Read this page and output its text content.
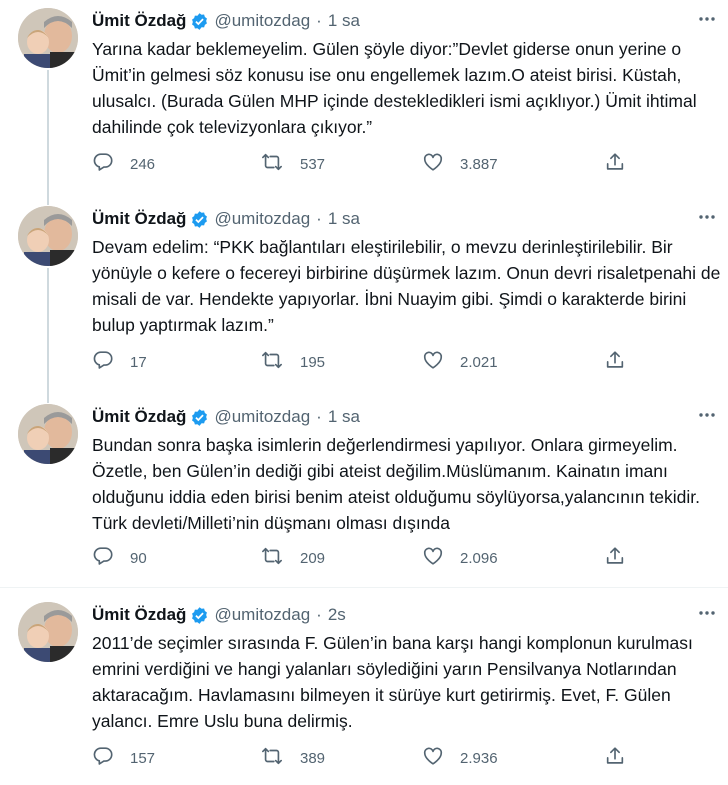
Ümit Özdağ @umitozdag · 1 sa
Yarına kadar beklemeyelim. Gülen şöyle diyor:”Devlet giderse onun yerine o Ümit’in gelmesi söz konusu ise onu engellemek lazım.O ateist birisi. Küstah, ulusalcı. (Burada Gülen MHP içinde destekledikleri ismi açıklıyor.) Ümit ihtimal dahilinde çok televizyonlara çıkıyor.”
246	537	3.887
Ümit Özdağ @umitozdag · 1 sa
Devam edelim: “PKK bağlantıları eleştirilebilir, o mevzu derinleştirilebilir. Bir yönüyle o kefere o fecereyi birbirine düşürmek lazım. Onun devri risaletpenahi de misali de var. Hendekte yapıyorlar. İbni Nuayim gibi. Şimdi o karakterde birini bulup yaptırmak lazım.”
17	195	2.021
Ümit Özdağ @umitozdag · 1 sa
Bundan sonra başka isimlerin değerlendirmesi yapılıyor. Onlara girmeyelim. Özetle, ben Gülen’in dediği gibi ateist değilim.Müslümanım. Kainatın imanı olduğunu iddia eden birisi benim ateist olduğumu söylüyorsa,yalancının tekidir. Türk devleti/Milleti’nin düşmanı olması dışında
90	209	2.096
Ümit Özdağ @umitozdag · 2s
2011’de seçimler sırasında F. Gülen’in bana karşı hangi komplonun kurulması  emrini verdiğini ve hangi yalanları söylediğini yarın Pensilvanya Notlarından aktaracağım. Havlamasını bilmeyen it sürüye kurt getirirmiş. Evet, F. Gülen yalancı. Emre Uslu buna delirmiş.
157	389	2.936
